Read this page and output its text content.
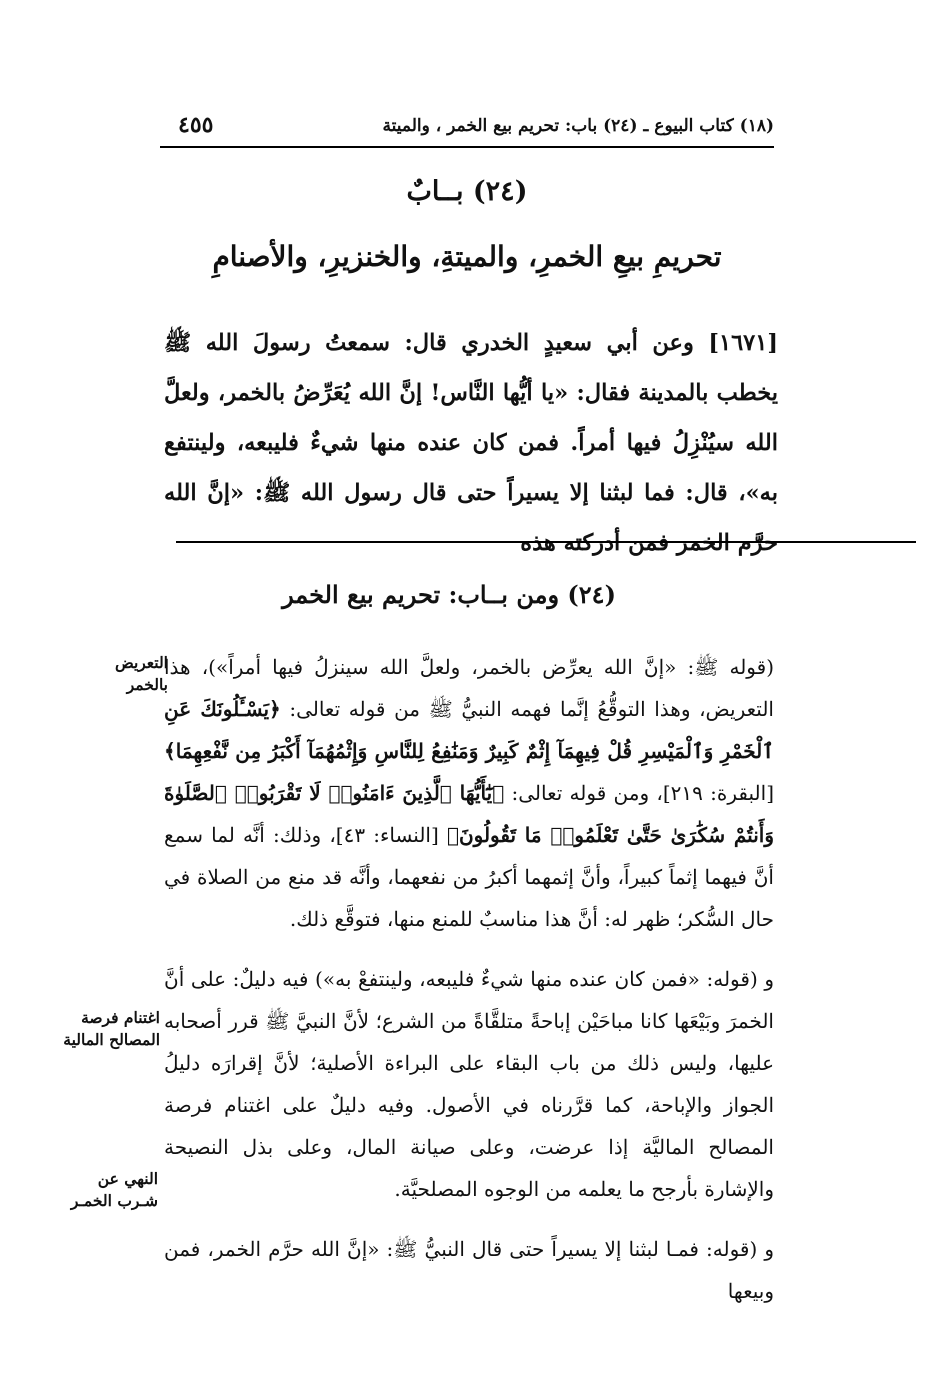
(١٨) كتاب البيوع ـ (٢٤) باب: تحريم بيع الخمر ، والميتة
٤٥٥
(٢٤) بــابٌ
تحريمِ بيعِ الخمرِ، والميتةِ، والخنزيرِ، والأصنامِ
[١٦٧١] وعن أبي سعيدٍ الخدري قال: سمعتُ رسولَ الله ﷺ يخطب بالمدينة فقال: «يا أيُّها النَّاس! إنَّ الله يُعَرِّضُ بالخمر، ولعلَّ الله سيُنْزِلُ فيها أمراً. فمن كان عنده منها شيءٌ فليبعه، ولينتفع به»، قال: فما لبثنا إلا يسيراً حتى قال رسول الله ﷺ: «إنَّ الله حرَّم الخمر فمن أدركته هذه
(٢٤) ومن بــاب: تحريم بيع الخمر
(قوله ﷺ: «إنَّ الله يعرِّض بالخمر، ولعلَّ الله سينزلُ فيها أمراً»)، هذا التعريض، وهذا التوقُّعُ إنَّما فهمه النبيُّ ﷺ من قوله تعالى: ﴿يَسْـَٔلُونَكَ عَنِ ٱلْخَمْرِ وَٱلْمَيْسِرِ قُلْ فِيهِمَآ إِثْمٌ كَبِيرٌ وَمَنَٰفِعُ لِلنَّاسِ وَإِثْمُهُمَآ أَكْبَرُ مِن نَّفْعِهِمَا﴾ [البقرة: ٢١٩]، ومن قوله تعالى: ﴿يَٰٓأَيُّهَا ٱلَّذِينَ ءَامَنُوا۟ لَا تَقْرَبُوا۟ ٱلصَّلَوٰةَ وَأَنتُمْ سُكَٰرَىٰ حَتَّىٰ تَعْلَمُوا۟ مَا تَقُولُونَ﴾ [النساء: ٤٣]، وذلك: أنَّه لما سمع أنَّ فيهما إثماً كبيراً، وأنَّ إثمهما أكبرُ من نفعهما، وأنَّه قد منع من الصلاة في حال السُّكر؛ ظهر له: أنَّ هذا مناسبٌ للمنع منها، فتوقَّع ذلك.
و (قوله: «فمن كان عنده منها شيءٌ فليبعه، ولينتفعْ به») فيه دليلٌ: على أنَّ الخمرَ وبَيْعَها كانا مباحَيْن إباحةً متلقَّاةً من الشرع؛ لأنَّ النبيَّ ﷺ قرر أصحابه عليها، وليس ذلك من باب البقاء على البراءة الأصلية؛ لأنَّ إقرارَه دليلُ الجواز والإباحة، كما قرَّرناه في الأصول. وفيه دليلٌ على اغتنام فرصة المصالح الماليَّة إذا عرضت، وعلى صيانة المال، وعلى بذل النصيحة والإشارة بأرجح ما يعلمه من الوجوه المصلحيَّة.
و (قوله: فمـا لبثنا إلا يسيراً حتى قال النبيُّ ﷺ: «إنَّ الله حرَّم الخمر، فمن وبيعها
التعريض
بالخمر
اغتنام فرصة
المصالح المالية
النهي عن
شـرب الخمـر
